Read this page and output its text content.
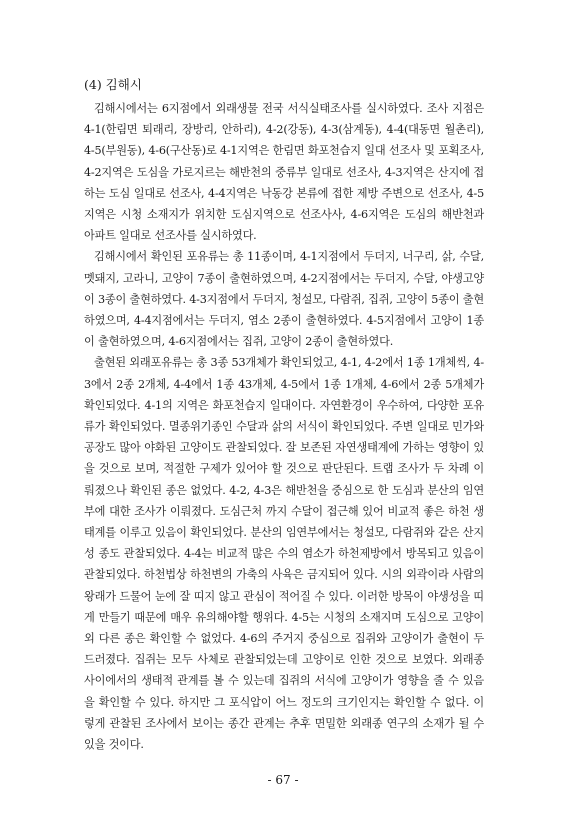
(4) 김해시

김해시에서는 6지점에서 외래생물 전국 서식실태조사를 실시하였다. 조사 지점은 4-1(한림면 퇴래리, 장방리, 안하리), 4-2(강동), 4-3(삼계동), 4-4(대동면 월촌리), 4-5(부원동), 4-6(구산동)로 4-1지역은 한림면 화포천습지 일대 선조사 및 포획조사, 4-2지역은 도심을 가로지르는 해반천의 중류부 일대로 선조사, 4-3지역은 산지에 접하는 도심 일대로 선조사, 4-4지역은 낙동강 본류에 접한 제방 주변으로 선조사, 4-5지역은 시청 소재지가 위치한 도심지역으로 선조사사, 4-6지역은 도심의 해반천과 아파트 일대로 선조사를 실시하였다.

김해시에서 확인된 포유류는 총 11종이며, 4-1지점에서 두더지, 너구리, 삵, 수달, 멧돼지, 고라니, 고양이 7종이 출현하였으며, 4-2지점에서는 두더지, 수달, 야생고양이 3종이 출현하였다. 4-3지점에서 두더지, 청설모, 다람쥐, 집쥐, 고양이 5종이 출현하였으며, 4-4지점에서는 두더지, 염소 2종이 출현하였다. 4-5지점에서 고양이 1종이 출현하였으며, 4-6지점에서는 집쥐, 고양이 2종이 출현하였다.

출현된 외래포유류는 총 3종 53개체가 확인되었고, 4-1, 4-2에서 1종 1개체씩, 4-3에서 2종 2개체, 4-4에서 1종 43개체, 4-5에서 1종 1개체, 4-6에서 2종 5개체가 확인되었다. 4-1의 지역은 화포천습지 일대이다. 자연환경이 우수하여, 다양한 포유류가 확인되었다. 멸종위기종인 수달과 삵의 서식이 확인되었다. 주변 일대로 민가와 공장도 많아 야화된 고양이도 관찰되었다. 잘 보존된 자연생태계에 가하는 영향이 있을 것으로 보며, 적절한 구제가 있어야 할 것으로 판단된다. 트랩 조사가 두 차례 이뤄졌으나 확인된 종은 없었다. 4-2, 4-3은 해반천을 중심으로 한 도심과 분산의 임연부에 대한 조사가 이뤄졌다. 도심근처 까지 수달이 접근해 있어 비교적 좋은 하천 생태계를 이루고 있음이 확인되었다. 분산의 임연부에서는 청설모, 다람쥐와 같은 산지성 종도 관찰되었다. 4-4는 비교적 많은 수의 염소가 하천제방에서 방목되고 있음이 관찰되었다. 하천법상 하천변의 가축의 사육은 금지되어 있다. 시의 외곽이라 사람의 왕래가 드물어 눈에 잘 띠지 않고 관심이 적어질 수 있다. 이러한 방목이 야생성을 띠게 만들기 때문에 매우 유의해야할 행위다. 4-5는 시청의 소재지며 도심으로 고양이 외 다른 종은 확인할 수 없었다. 4-6의 주거지 중심으로 집쥐와 고양이가 출현이 두드러졌다. 집쥐는 모두 사체로 관찰되었는데 고양이로 인한 것으로 보였다. 외래종 사이에서의 생태적 관계를 볼 수 있는데 집쥐의 서식에 고양이가 영향을 줄 수 있음을 확인할 수 있다. 하지만 그 포식압이 어느 정도의 크기인지는 확인할 수 없다. 이렇게 관찰된 조사에서 보이는 종간 관계는 추후 면밀한 외래종 연구의 소재가 될 수 있을 것이다.

- 67 -
